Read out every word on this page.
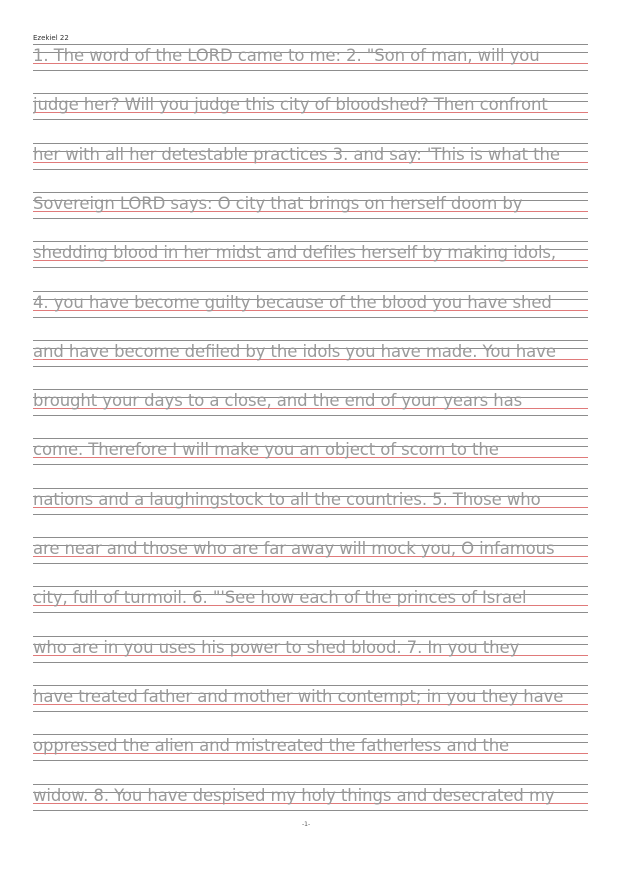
Ezekiel 22
1. The word of the LORD came to me: 2. "Son of man, will you
judge her? Will you judge this city of bloodshed? Then confront
her with all her detestable practices 3. and say: 'This is what the
Sovereign LORD says: O city that brings on herself doom by
shedding blood in her midst and defiles herself by making idols,
4. you have become guilty because of the blood you have shed
and have become defiled by the idols you have made. You have
brought your days to a close, and the end of your years has
come. Therefore I will make you an object of scorn to the
nations and a laughingstock to all the countries. 5. Those who
are near and those who are far away will mock you, O infamous
city, full of turmoil. 6. "'See how each of the princes of Israel
who are in you uses his power to shed blood. 7. In you they
have treated father and mother with contempt; in you they have
oppressed the alien and mistreated the fatherless and the
widow. 8. You have despised my holy things and desecrated my
-1-
